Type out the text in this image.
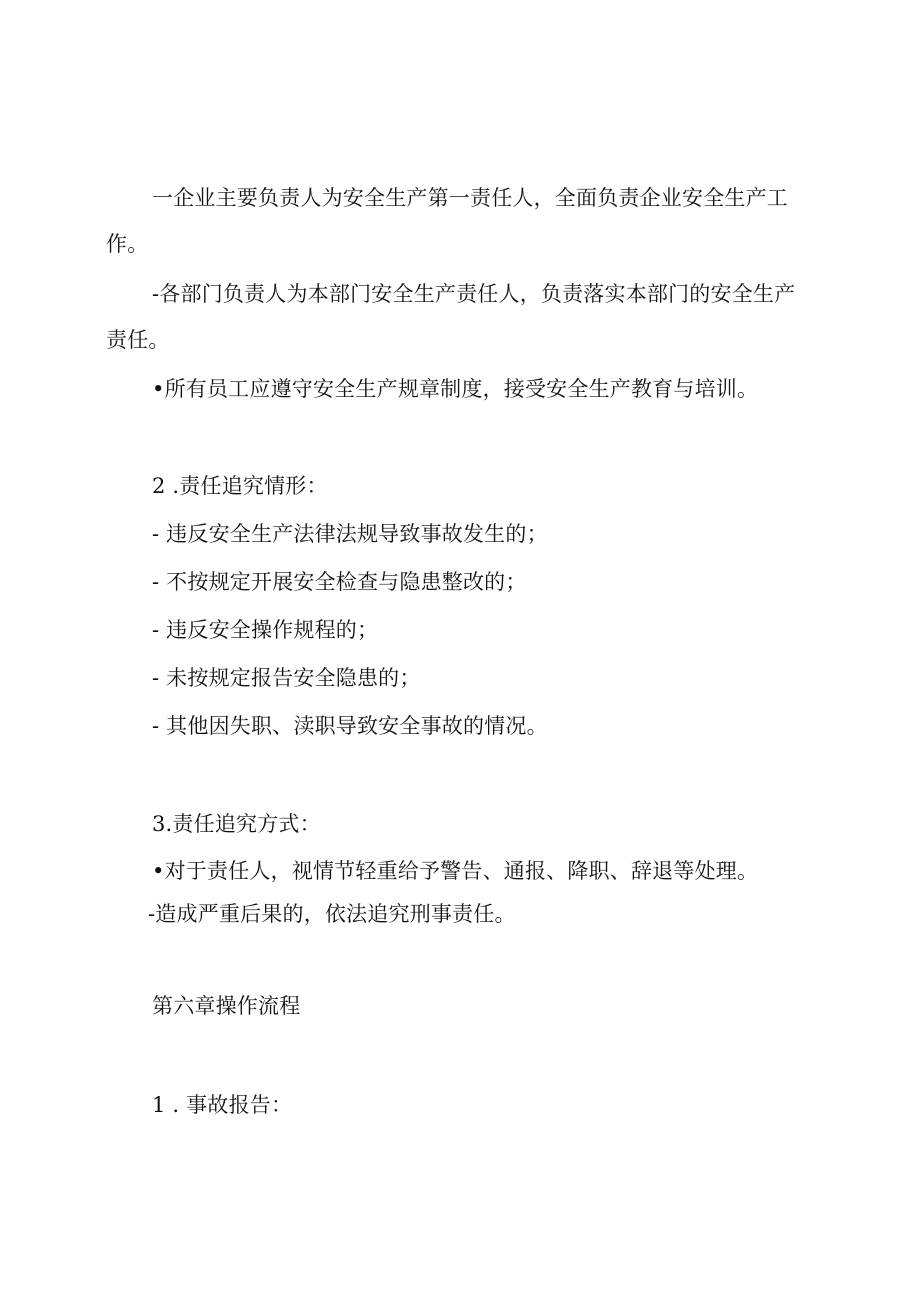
一企业主要负责人为安全生产第一责任人，全面负责企业安全生产工
作。
-各部门负责人为本部门安全生产责任人，负责落实本部门的安全生产
责任。
•所有员工应遵守安全生产规章制度，接受安全生产教育与培训。
2 .责任追究情形：
- 违反安全生产法律法规导致事故发生的；
- 不按规定开展安全检查与隐患整改的；
- 违反安全操作规程的；
- 未按规定报告安全隐患的；
- 其他因失职、渎职导致安全事故的情况。
3.责任追究方式：
•对于责任人，视情节轻重给予警告、通报、降职、辞退等处理。
-造成严重后果的，依法追究刑事责任。
第六章操作流程
1 . 事故报告：
